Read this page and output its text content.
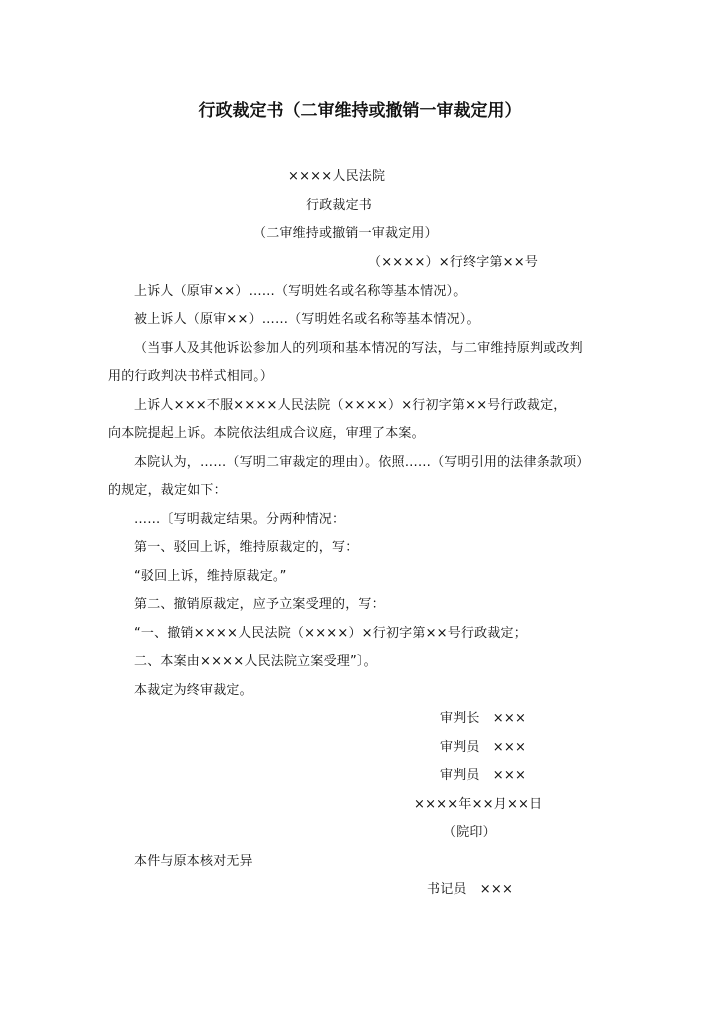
行政裁定书（二审维持或撤销一审裁定用）
××××人民法院
行政裁定书
（二审维持或撤销一审裁定用）
（××××）×行终字第××号
上诉人（原审××）……（写明姓名或名称等基本情况）。
被上诉人（原审××）……（写明姓名或名称等基本情况）。
（当事人及其他诉讼参加人的列项和基本情况的写法，与二审维持原判或改判
用的行政判决书样式相同。）
上诉人×××不服××××人民法院（××××）×行初字第××号行政裁定，
向本院提起上诉。本院依法组成合议庭，审理了本案。
本院认为，……（写明二审裁定的理由）。依照……（写明引用的法律条款项）
的规定，裁定如下：
……〔写明裁定结果。分两种情况：
第一、驳回上诉，维持原裁定的，写：
“驳回上诉，维持原裁定。”
第二、撤销原裁定，应予立案受理的，写：
“一、撤销××××人民法院（××××）×行初字第××号行政裁定；
二、本案由××××人民法院立案受理”〕。
本裁定为终审裁定。
审判长　×××
审判员　×××
审判员　×××
××××年××月××日
（院印）
本件与原本核对无异
书记员　×××
